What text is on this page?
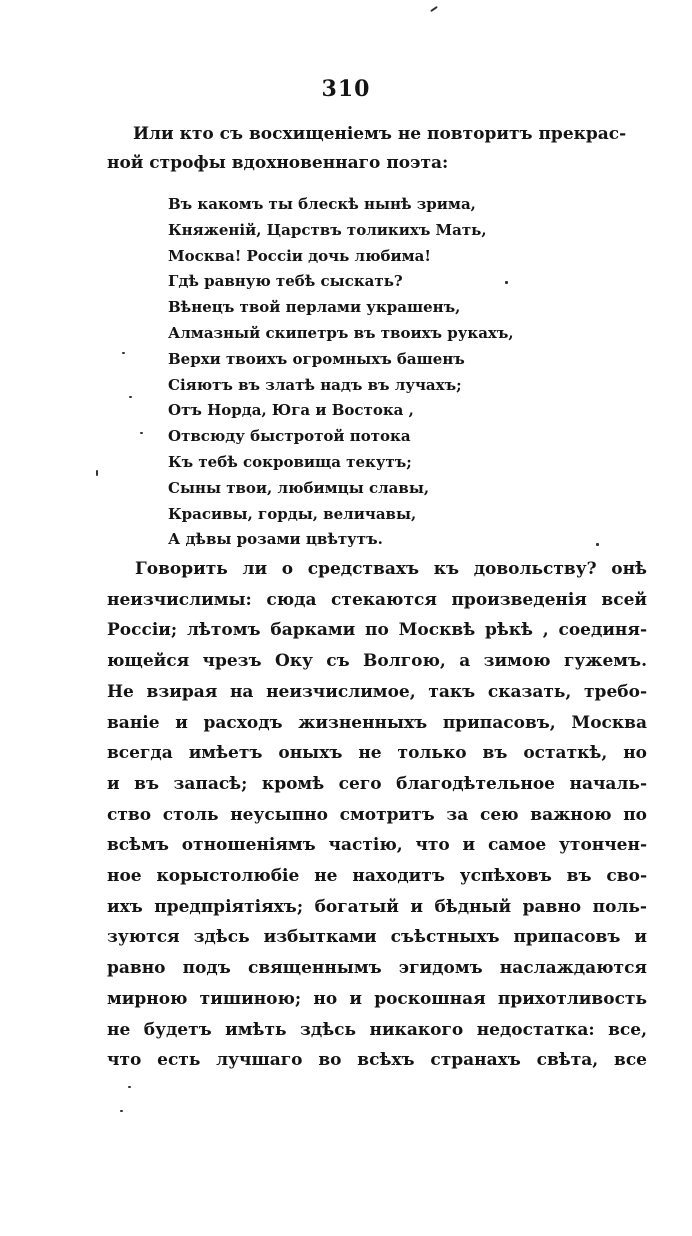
310
Или кто съ восхищеніемъ не повторитъ прекрас-
ной строфы вдохновеннаго поэта:
Въ какомъ ты блескѣ нынѣ зрима,
Княженій, Царствъ толикихъ Мать,
Москва! Россіи дочь любима!
Гдѣ равную тебѣ сыскать?
Вѣнецъ твой перлами украшенъ,
Алмазный скипетръ въ твоихъ рукахъ,
Верхи твоихъ огромныхъ башенъ
Сіяютъ въ златѣ надъ въ лучахъ;
Отъ Норда, Юга и Востока ,
Отвсюду быстротой потока
Къ тебѣ сокровища текутъ;
Сыны твои, любимцы славы,
Красивы, горды, величавы,
А дѣвы розами цвѣтутъ.
Говорить ли о средствахъ къ довольству? онѣ
неизчислимы: сюда стекаются произведенія всей
Россіи; лѣтомъ барками по Москвѣ рѣкѣ , соединя-
ющейся чрезъ Оку съ Волгою, а зимою гужемъ.
Не взирая на неизчислимое, такъ сказать, требо-
ваніе и расходъ жизненныхъ припасовъ, Москва
всегда имѣетъ оныхъ не только въ остаткѣ, но
и въ запасѣ; кромѣ сего благодѣтельное началь-
ство столь неусыпно смотритъ за сею важною по
всѣмъ отношеніямъ частію, что и самое утончен-
ное корыстолюбіе не находитъ успѣховъ въ сво-
ихъ предпріятіяхъ; богатый и бѣдный равно поль-
зуются здѣсь избытками съѣстныхъ припасовъ и
равно подъ священнымъ эгидомъ наслаждаются
мирною тишиною; но и роскошная прихотливость
не будетъ имѣть здѣсь никакого недостатка: все,
что есть лучшаго во всѣхъ странахъ свѣта, все
